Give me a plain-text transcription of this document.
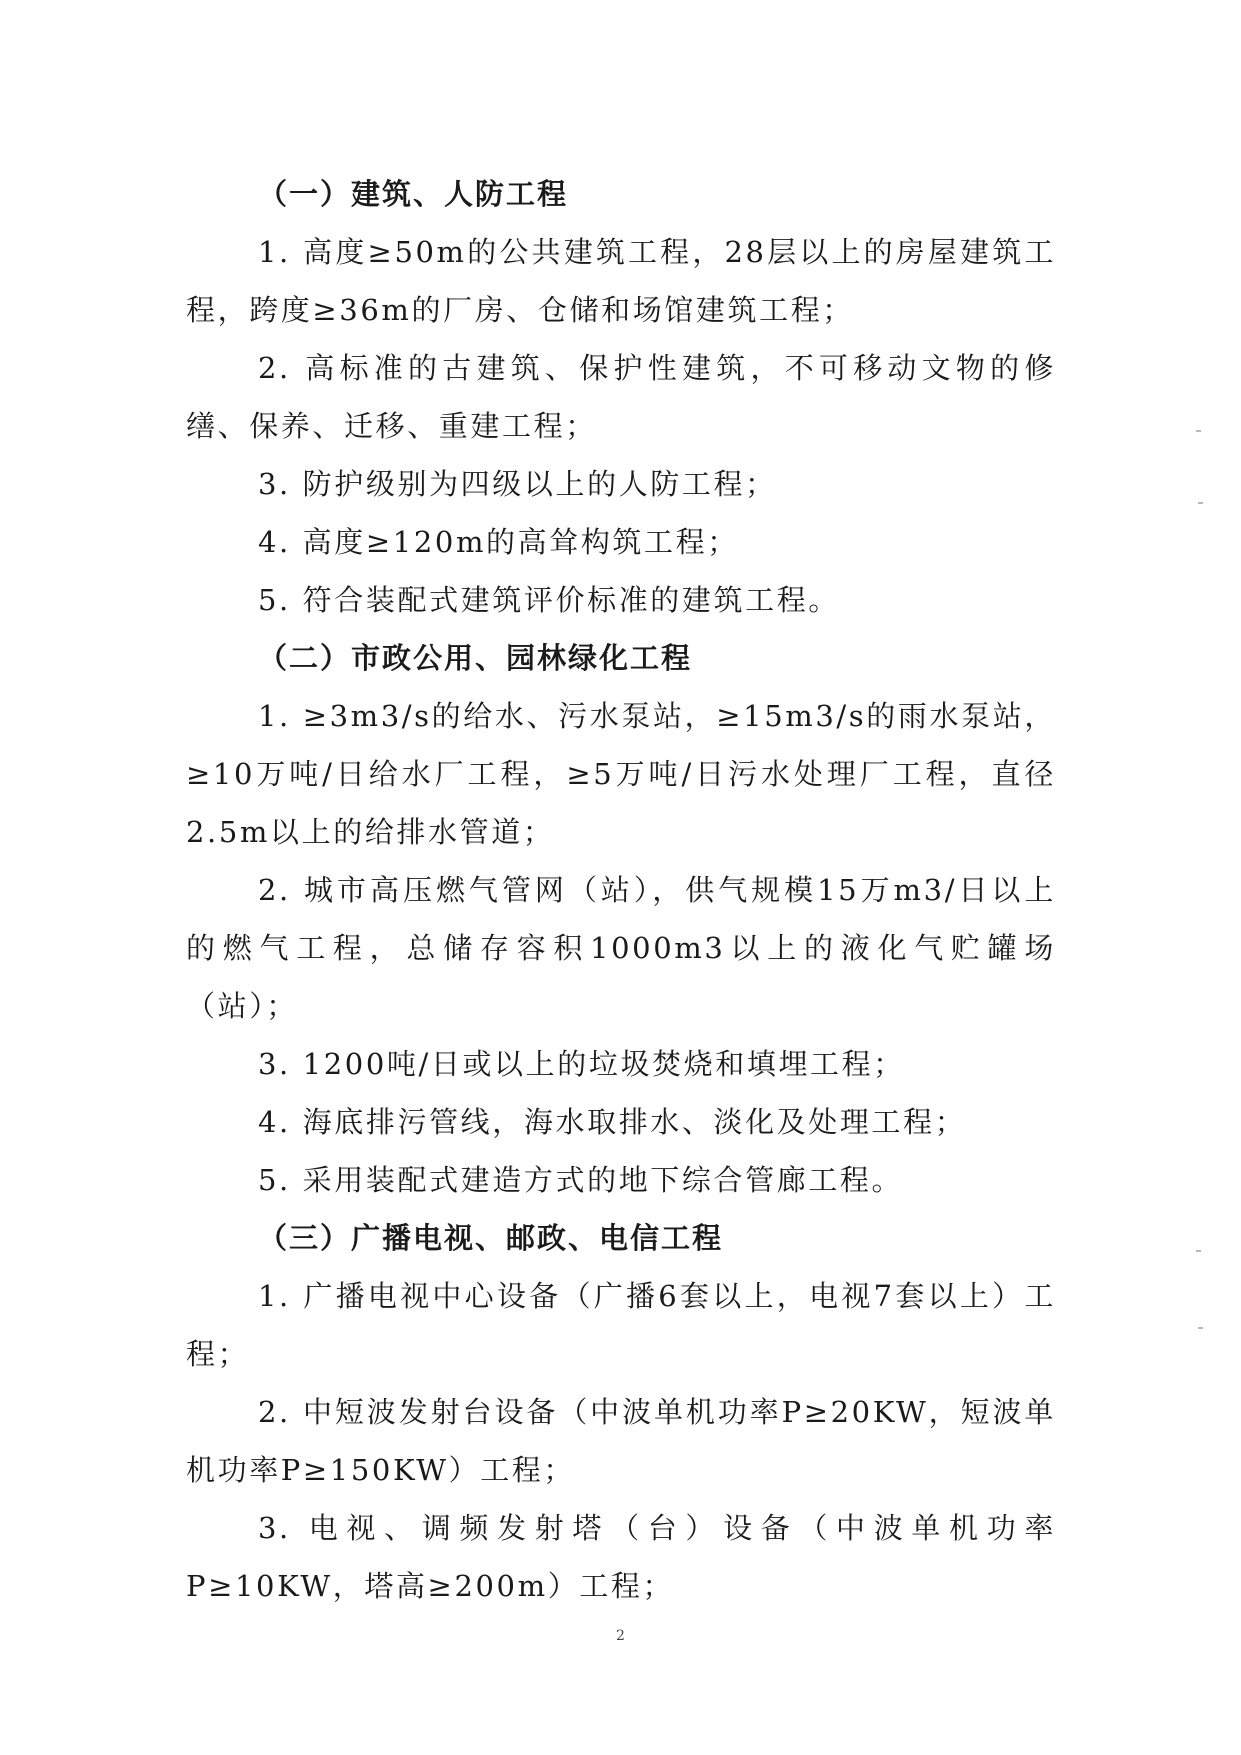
（一）建筑、人防工程

1. 高度≥50m的公共建筑工程，28层以上的房屋建筑工程，跨度≥36m的厂房、仓储和场馆建筑工程；

2. 高标准的古建筑、保护性建筑，不可移动文物的修缮、保养、迁移、重建工程；

3. 防护级别为四级以上的人防工程；

4. 高度≥120m的高耸构筑工程；

5. 符合装配式建筑评价标准的建筑工程。

（二）市政公用、园林绿化工程

1. ≥3m3/s的给水、污水泵站，≥15m3/s的雨水泵站，≥10万吨/日给水厂工程，≥5万吨/日污水处理厂工程，直径2.5m以上的给排水管道；

2. 城市高压燃气管网（站），供气规模15万m3/日以上的燃气工程，总储存容积1000m3以上的液化气贮罐场（站）；

3. 1200吨/日或以上的垃圾焚烧和填埋工程；

4. 海底排污管线，海水取排水、淡化及处理工程；

5. 采用装配式建造方式的地下综合管廊工程。

（三）广播电视、邮政、电信工程

1. 广播电视中心设备（广播6套以上，电视7套以上）工程；

2. 中短波发射台设备（中波单机功率P≥20KW，短波单机功率P≥150KW）工程；

3. 电视、调频发射塔（台）设备（中波单机功率P≥10KW，塔高≥200m）工程；

2
